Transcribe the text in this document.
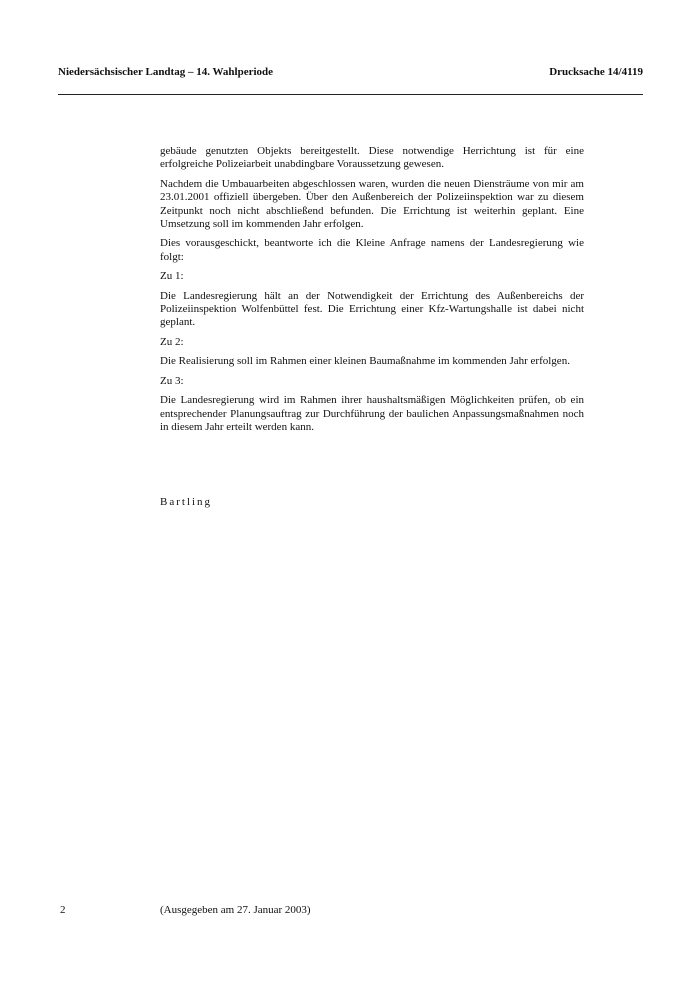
Niedersächsischer Landtag – 14. Wahlperiode	Drucksache 14/4119

gebäude genutzten Objekts bereitgestellt. Diese notwendige Herrichtung ist für eine erfolgreiche Polizeiarbeit unabdingbare Voraussetzung gewesen.

Nachdem die Umbauarbeiten abgeschlossen waren, wurden die neuen Diensträume von mir am 23.01.2001 offiziell übergeben. Über den Außenbereich der Polizeiinspektion war zu diesem Zeitpunkt noch nicht abschließend befunden. Die Errichtung ist weiterhin geplant. Eine Umsetzung soll im kommenden Jahr erfolgen.

Dies vorausgeschickt, beantworte ich die Kleine Anfrage namens der Landesregierung wie folgt:

Zu 1:

Die Landesregierung hält an der Notwendigkeit der Errichtung des Außenbereichs der Polizeiinspektion Wolfenbüttel fest. Die Errichtung einer Kfz-Wartungshalle ist dabei nicht geplant.

Zu 2:

Die Realisierung soll im Rahmen einer kleinen Baumaßnahme im kommenden Jahr erfolgen.

Zu 3:

Die Landesregierung wird im Rahmen ihrer haushaltsmäßigen Möglichkeiten prüfen, ob ein entsprechender Planungsauftrag zur Durchführung der baulichen Anpassungsmaßnahmen noch in diesem Jahr erteilt werden kann.

Bartling
2	(Ausgegeben am 27. Januar 2003)
